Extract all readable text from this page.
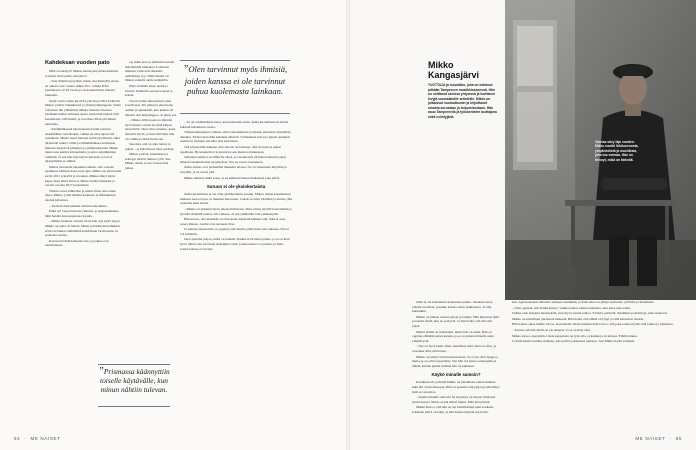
Kahdeksan vuoden pato

Mitä on surutyö? Mikon menetystä pitäisi käsitellä, ja miten sitä lopulta tarkoittaa?

– Kun minulta kysytään, miten olet käsitellyt surua, en oikein osaa vastata siihen. Ero, vaikka äidin kuolemasta oli 26 vuotta ja oleu menettänyt läheisä mukulan.

Neljä vuotta sitten kuoli 93-ylevanen Olli Lindholm. Mikon ystävä, bändikaveri ja yhteistyökumppani. Sekin ravistelee äiti ylähämmi. Mikko muistaa olleensa naamakuvitellut sellaisen surun, kuin mitä tunteet Olli kuolemasta. Olli ihmiä, ja toveriana Tilan piti lähteä kierreelle.

– Ensimmäisessä käsi haksattui näiin taanvun ensimmäiset raavilteaksi, vaikka en edes tajuut sitä toisinkoin. Mikko meni tuntuun selvitystyöhönsä, alkoi järjestellä selkeö. Ollin ja Ollinmiittäkset kolluttaan mukaan tuppoivat pääjärjee ja päihinsakyönsä. Mikko tajusi uusi sektiin loitupalakin, ja antoi seljuhkkitien tomikiin. Ja sen hän löysi myös tuhoaan; ja toivot järjestäisiksi ja omiksi.

Mikon luonteelle takaumen äikeen, olin vastaan naamussa kielleen koko uran ajan. Mikko sai sitä kestää kevät 2021 syksyllä ja tavannut. Mikko näkyi myös kipee. Kun niillä Tulevat, Mikko tietää omankiin ja varasti vuoden 2017 kuolematta.

Tiitaan vuosi vähitellen ja tuntui sitten uusi sitten alkoi. Mikko, jollei hänellä kaunneet ja mittaakimin itsensä kalatansa.

– Tietävät mitä kaikkia tuli kun uskoimma.

Pitkä työ venyi kasvaan yhdessä, ja neljä kuukautta lähti heidän kokoonpanona lopulta.

– Mikko mukana vuonna vuosi kun asia kyllä loppu. Mikko on paha. Ja luulen, hänen selvääntyään lääkkeet, eivät ole hänen välttämättä kohdallaan tarvittaisiin. Ja seudoksi saatiin.

Kokoontui mahdollisesti taas, ja paikat ovat taistelunneet.

”Olen tarvinnut myös ihmisiä, joiden kanssa ei ole tarvinnut puhua kuolemasta lainkaan.

on, minä juon jo jätinkin kostolla ikävöinnillä tulkentaa. Laitetaan mukaan valtavasti sinukalle aalkollinen syy. Tämä muisti oli Mikon samalla ajalla kuljimilla.

Näin viemään aikaa laulut ja sävelet. Puhuttiin seuraava kausi ja kohde.

Toivat kolme mittaamaan omat koettavissa, äiti puhui ja jakoi koko aamun ja ajatuksilla, kun kaiken oli alkanut olla helpomppoa. Ja aikaa sai.

– Mikko-Ollin kausi on minulle hyvä muisto, mutta en enää kaipaa sitä päivää. Olen ollut onnekas. Asiat menivät hyvin, ja kun Olli lähti, hän oli valmis ja minä tiesin sen.

Sanoisin, että on aika tuntea ja puhua – ja kiitollisuus tulee perässä.

Mikon ystävät, kuuntelijat ja kollegat pitävät muistoa yllä. Sen Mikko tietää, ja sen varassa hän jatkaa.

– Se oli ensimmäinen kerta, kun kumosilla surin. Äidin kuolemaan eli silloin kulunut kahdeksan vuotta.

Tämän menetyksen vaiheet olivat sanoituksissa ja lukuun taittuneet näytelmän aiheiksi. Tarinat kerrottiin kahdesti äänessä. Voimakkaat kuvat ja kipeät ajatukset asettuivat laulujen sanoiksi yksi kerrallaan.

Sitä kirjoitettiin mukaan, kun sairaus oli levinnyt. Äiti luovutti ja puhui lapsilleen. He kuuntelivat ja kantoivat sen muiston mukanaan.

Sellainen surutyö vei Mikolta aikaa, ja vuosikausia jäi hänen takaraivoonsa ääneen lausumattomat kysymykset. Nyt ne saivat vastauksen.

Äidin tarinat ovat perhemme mikkelin aitassa. Ne on tallennettu kirjoihin ja levyihin, ja ne soivat yhä.

Mikko muistaa äidin sanat, ja ne kulkevat hänen mukanaan joka päivä.

Suruun ei ole yksinkertaista

Äidin kuolemasta ei ole ollut yksinkertaista suruun. Mikon omien kokemusten mukaan suru ei lopu, se muuttaa muotoaan. Joskus se tulee yllättäen ja tuntuu yhtä raskaalta kuin silloin.

– Mikko on puhunut myös alkoholismistaan. Siitä, miten hyvillä kaverillakin ja hyvällä elämällä saattaa olla vaikeaa. Ja sen ymmärtää vasta jälkeenpäin.

Hän kertoo, että musiikki on ollut keino käsitellä kaikkea sitä, mitä ei osaa sanoa ääneen. Laulut ovat antaneet tilaa.

Ja samaan aikaan hän on oppinut, että surulle pitää antaa oma aikansa. Sitä ei voi kiirehtiä.

Olen ajatellut paljon, mikä on tärkeää. Kaikki eivät halua puhua, ja se on ihan hyvä. Minä olen tarvinnut molempia: niitä, joiden kanssa voi puhua, ja niitä, joiden kanssa ei tarvitse.

”Prismassa käännyttiin toiselle käytävälle, kun minun nähtiin tulevan.
54 · ME NAISET

Mikko Kangasjärvi

TUOTTAJA ja muusikko, joka on toiminut pitkään Tampereen musiikkiskenessä. Hän on soittanut useissa yhtyeissä ja tuottanut levyjä suomalaisille artisteille. Mikko on julkaissut sooloalbumin ja kirjoittanut omasta surustaan ja toipumisestaan. Hän asuu Tampereella ja työskentelee tuottajana sekä esiintyjänä.

Valoisa sävy läpi vuoden. Mikko nauttii lähiluonnosta, ympäristöstä ja musiikista, joka tuo voimaa. Hän on tiennyt, mikä on tärkeää.

niiltä ei ole kokemusta helpotusta puhua. Jokainen suree omalla tavallaan, ja kukin kantaa omaa taakkaansa. Ja niin kuuluukin.

Mikko on jälleen saanut sanoja ja lauluja. Hän kirjoittaa niitä ja nauttii niistä, kun ne syntyvät. Ja hän tietää, että äiti olisi ylpeä.

Mikon elämä on muuttunut, mutta hän on sama. Hän on oppinut elämään surun kanssa, ja se on antanut hänelle uutta ymmärrystä.

– Nyt on hyvä hetki. Olen onnellinen siitä, mitä on ollut, ja toiveikas siitä, mitä tulee.

Mikko on tehnyt töitä itsensä kanssa. Se ei ole ollut helppoa, mutta se on ollut tarpeellista. Nyt hän voi katsoa taaksepäin ja nähdä, kuinka pitkän matkan hän on kulkenut.

Käykö minulle samoin?

Kesäkuun 29. päivänä Mikko on päivälleen saman ikäinen kuin äiti oli kuollessaan. Hän on ajatellut sitä paljon ja miettinyt, mitä se tarkoittaa.

– Käykö minulle samoin? Se kysymys on käynyt mielessä monta kertaa. Mutta en jää siihen kiinni. Elän tätä päivää.

Mikko kertoo, että hän on nyt kiitollisempi kuin koskaan. Jokainen päivä on lahja, ja hän haluaa käyttää sen hyvin.

leet. Ajantasaiseksi minuutit aiempaa enemmän, ja lisää aikaa on jäänyt perheelle, ystäville ja musiikille.

– Olen oppinut, että elämä kantaa. Vaikka joskus tuntuu raskaalta, aina tulee uusi aamu.

Vaikka olen kokenut menetyksiä, olen myös saanut paljon. Ystäviä, perhettä, musiikkia ja muistoja, jotka kantavat.

Mikko on kiitollinen jokaisesta hetkestä. Hän tietää, että elämä on lyhyt ja siitä kannattaa nauttia.

Hän haluaa antaa muille toivoa. Kertomalla oman tarinansa hän toivoo, että joku toinen löytää siitä lohtua ja rohkeutta.

– Surusta selviää, mutta se vie aikansa. Ja se on ihan okei.

Mikko katsoo eteenpäin. Uusia kappaleita on työn alla, ja keikkoja on tulossa. Elämä jatkuu.

Ja äidin muisto kulkee mukana, joka päivä, jokaisessa laulussa. Sen Mikko tietää varmasti.

ME NAISET · 55
